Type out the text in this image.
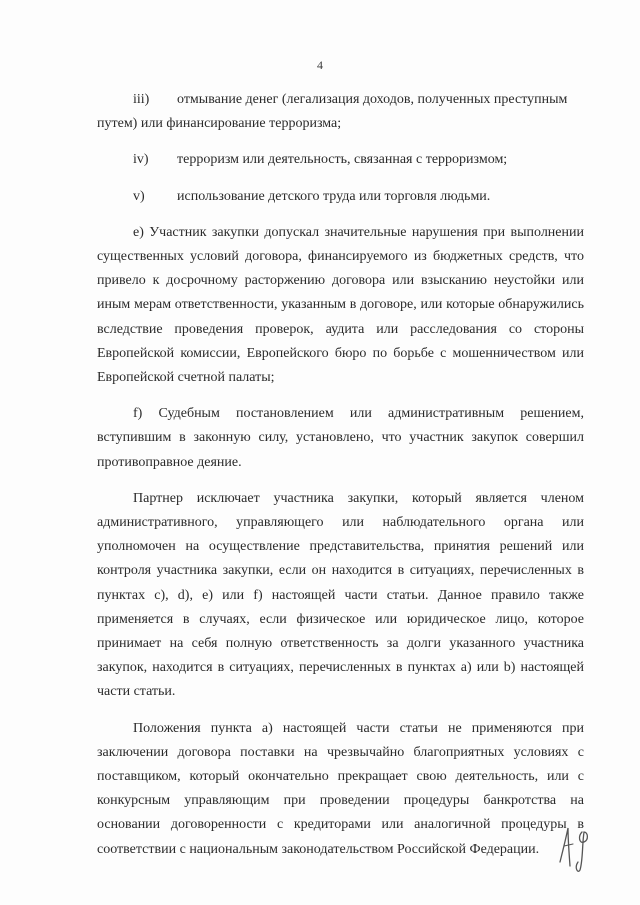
4
iii)	отмывание денег (легализация доходов, полученных преступным

путем) или финансирование терроризма;

iv)	терроризм или деятельность, связанная с терроризмом;
v)	использование детского труда или торговля людьми.

е) Участник закупки допускал значительные нарушения при выполнении существенных условий договора, финансируемого из бюджетных средств, что привело к досрочному расторжению договора или взысканию неустойки или иным мерам ответственности, указанным в договоре, или которые обнаружились вследствие проведения проверок, аудита или расследования со стороны Европейской комиссии, Европейского бюро по борьбе с мошенничеством или Европейской счетной палаты;

f) Судебным постановлением или административным решением, вступившим в законную силу, установлено, что участник закупок совершил противоправное деяние.

Партнер исключает участника закупки, который является членом административного, управляющего или наблюдательного органа или уполномочен на осуществление представительства, принятия решений или контроля участника закупки, если он находится в ситуациях, перечисленных в пунктах с), d), е) или f) настоящей части статьи. Данное правило также применяется в случаях, если физическое или юридическое лицо, которое принимает на себя полную ответственность за долги указанного участника закупок, находится в ситуациях, перечисленных в пунктах а) или b) настоящей части статьи.

Положения пункта а) настоящей части статьи не применяются при заключении договора поставки на чрезвычайно благоприятных условиях с поставщиком, который окончательно прекращает свою деятельность, или с конкурсным управляющим при проведении процедуры банкротства на основании договоренности с кредиторами или аналогичной процедуры в соответствии с национальным законодательством Российской Федерации.
